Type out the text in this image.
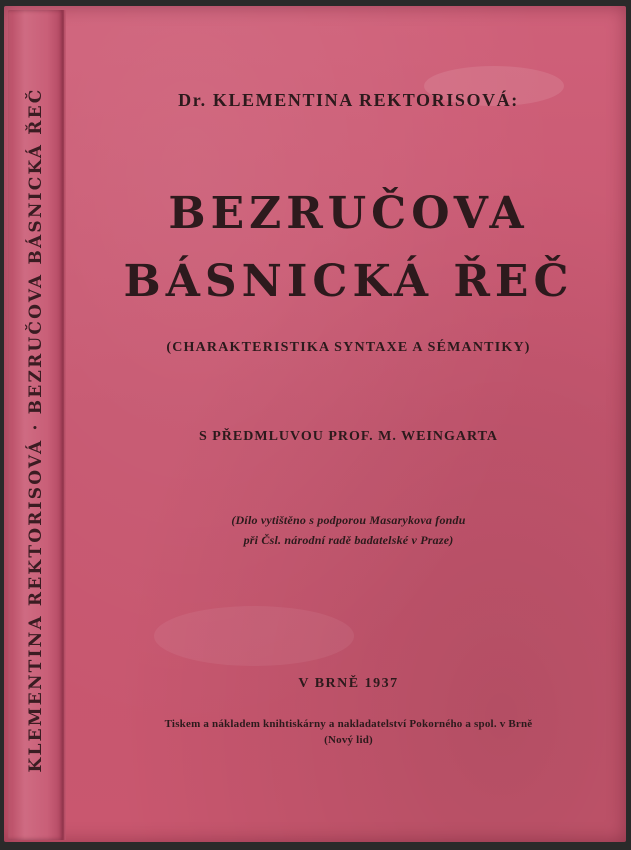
KLEMENTINA REKTORISOVÁ · BEZRUČOVA BÁSNICKÁ ŘEČ	Dr. KLEMENTINA REKTORISOVÁ:
BEZRUČOVA
BÁSNICKÁ ŘEČ
(CHARAKTERISTIKA SYNTAXE A SÉMANTIKY)
S PŘEDMLUVOU PROF. M. WEINGARTA
(Dílo vytištěno s podporou Masarykova fondu
při Čsl. národní radě badatelské v Praze)
V BRNĚ 1937
Tiskem a nákladem knihtiskárny a nakladatelství Pokorného a spol. v Brně
(Nový lid)
